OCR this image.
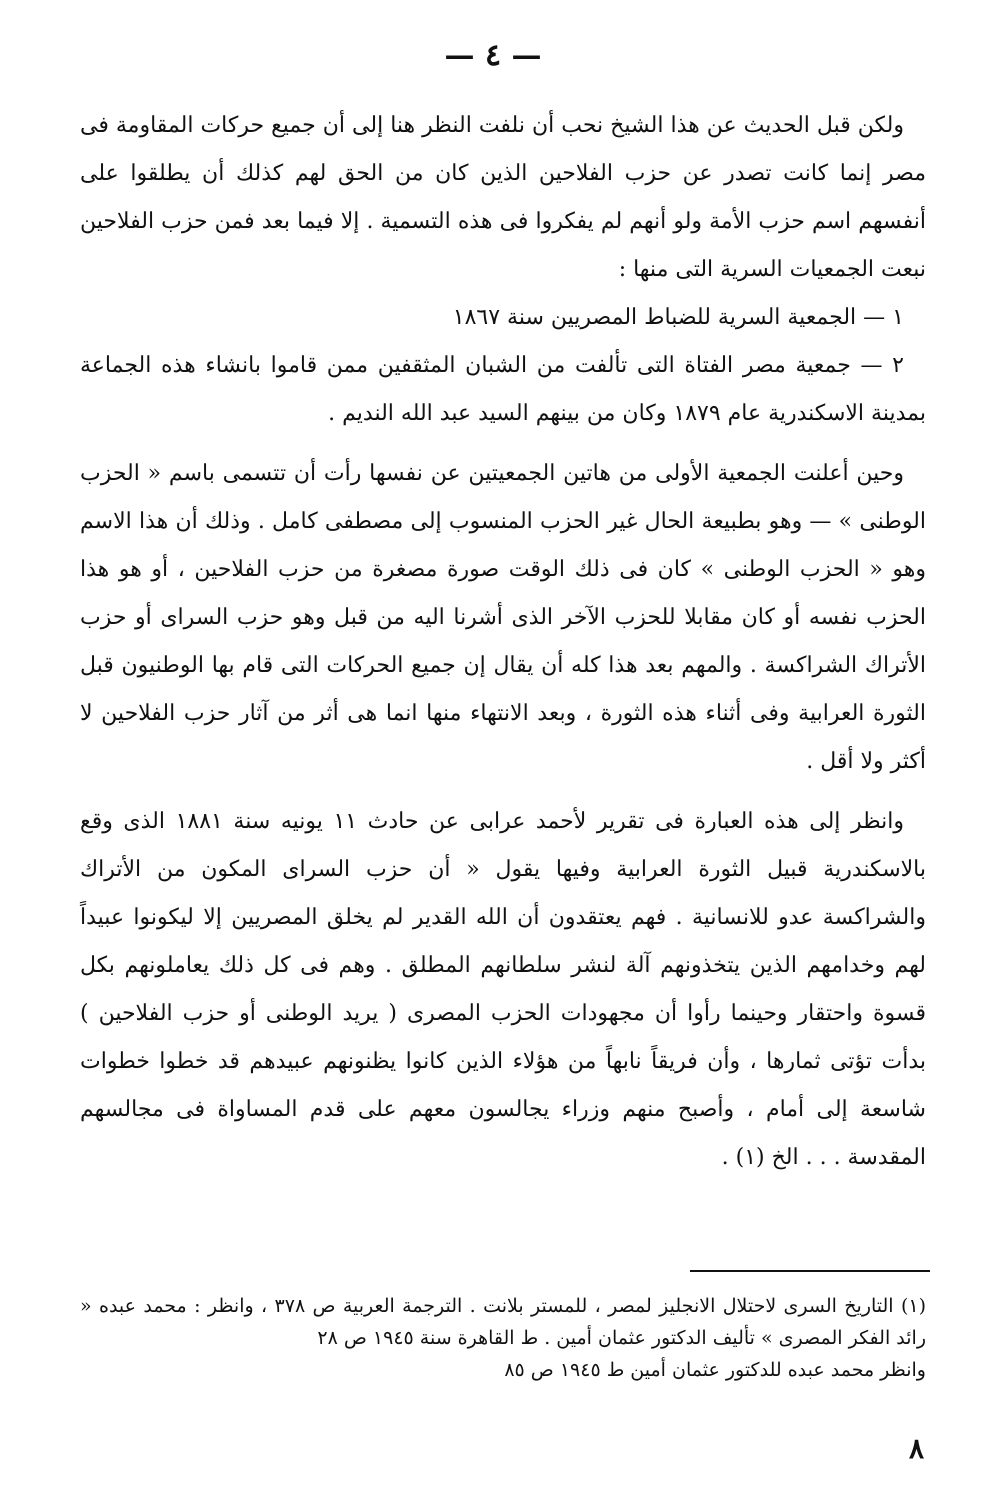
— ٤ —

ولكن قبل الحديث عن هذا الشيخ نحب أن نلفت النظر هنا إلى أن جميع حركات المقاومة فى مصر إنما كانت تصدر عن حزب الفلاحين الذين كان من الحق لهم كذلك أن يطلقوا على أنفسهم اسم حزب الأمة ولو أنهم لم يفكروا فى هذه التسمية . إلا فيما بعد فمن حزب الفلاحين نبعت الجمعيات السرية التى منها :

١ — الجمعية السرية للضباط المصريين سنة ١٨٦٧

٢ — جمعية مصر الفتاة التى تألفت من الشبان المثقفين ممن قاموا بانشاء هذه الجماعة بمدينة الاسكندرية عام ١٨٧٩ وكان من بينهم السيد عبد الله النديم .

وحين أعلنت الجمعية الأولى من هاتين الجمعيتين عن نفسها رأت أن تتسمى باسم « الحزب الوطنى » — وهو بطبيعة الحال غير الحزب المنسوب إلى مصطفى كامل . وذلك أن هذا الاسم وهو « الحزب الوطنى » كان فى ذلك الوقت صورة مصغرة من حزب الفلاحين ، أو هو هذا الحزب نفسه أو كان مقابلا للحزب الآخر الذى أشرنا اليه من قبل وهو حزب السراى أو حزب الأتراك الشراكسة . والمهم بعد هذا كله أن يقال إن جميع الحركات التى قام بها الوطنيون قبل الثورة العرابية وفى أثناء هذه الثورة ، وبعد الانتهاء منها انما هى أثر من آثار حزب الفلاحين لا أكثر ولا أقل .

وانظر إلى هذه العبارة فى تقرير لأحمد عرابى عن حادث ١١ يونيه سنة ١٨٨١ الذى وقع بالاسكندرية قبيل الثورة العرابية وفيها يقول « أن حزب السراى المكون من الأتراك والشراكسة عدو للانسانية . فهم يعتقدون أن الله القدير لم يخلق المصريين إلا ليكونوا عبيداً لهم وخدامهم الذين يتخذونهم آلة لنشر سلطانهم المطلق . وهم فى كل ذلك يعاملونهم بكل قسوة واحتقار وحينما رأوا أن مجهودات الحزب المصرى ( يريد الوطنى أو حزب الفلاحين ) بدأت تؤتى ثمارها ، وأن فريقاً نابهاً من هؤلاء الذين كانوا يظنونهم عبيدهم قد خطوا خطوات شاسعة إلى أمام ، وأصبح منهم وزراء يجالسون معهم على قدم المساواة فى مجالسهم المقدسة . . . الخ (١) .

(١) التاريخ السرى لاحتلال الانجليز لمصر ، للمستر بلانت . الترجمة العربية ص ٣٧٨ ، وانظر : محمد عبده « رائد الفكر المصرى » تأليف الدكتور عثمان أمين . ط القاهرة سنة ١٩٤٥ ص ٢٨

وانظر محمد عبده للدكتور عثمان أمين ط ١٩٤٥ ص ٨٥

٨
